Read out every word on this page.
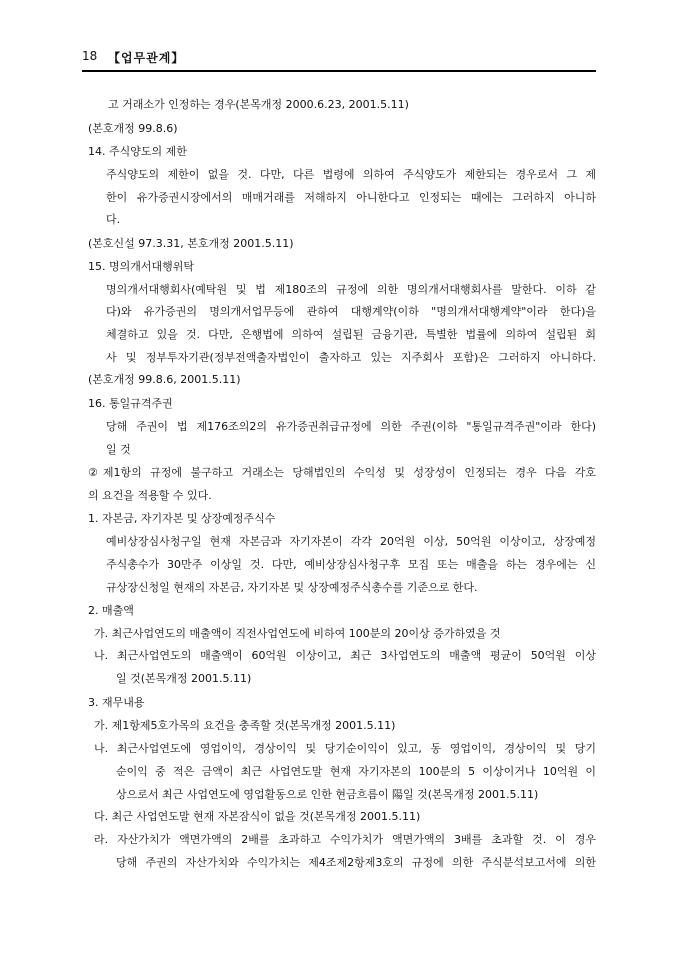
18 【업무관계】
고 거래소가 인정하는 경우(본목개정 2000.6.23, 2001.5.11)
(본호개정 99.8.6)
14. 주식양도의 제한
주식양도의 제한이 없을 것. 다만, 다른 법령에 의하여 주식양도가 제한되는 경우로서 그 제
한이 유가증권시장에서의 매매거래를 저해하지 아니한다고 인정되는 때에는 그러하지 아니하
다.
(본호신설 97.3.31, 본호개정 2001.5.11)
15. 명의개서대행위탁
명의개서대행회사(예탁원 및 법 제180조의 규정에 의한 명의개서대행회사를 말한다. 이하 같
다)와 유가증권의 명의개서업무등에 관하여 대행계약(이하 "명의개서대행계약"이라 한다)을
체결하고 있을 것. 다만, 은행법에 의하여 설립된 금융기관, 특별한 법률에 의하여 설립된 회
사 및 정부투자기관(정부전액출자법인이 출자하고 있는 지주회사 포함)은 그러하지 아니하다.
(본호개정 99.8.6, 2001.5.11)
16. 통일규격주권
당해 주권이 법 제176조의2의 유가증권취급규정에 의한 주권(이하 "통일규격주권"이라 한다)
일 것
②제1항의 규정에 불구하고 거래소는 당해법인의 수익성 및 성장성이 인정되는 경우 다음 각호
의 요건을 적용할 수 있다.
1. 자본금, 자기자본 및 상장예정주식수
예비상장심사청구일 현재 자본금과 자기자본이 각각 20억원 이상, 50억원 이상이고, 상장예정
주식총수가 30만주 이상일 것. 다만, 예비상장심사청구후 모집 또는 매출을 하는 경우에는 신
규상장신청일 현재의 자본금, 자기자본 및 상장예정주식총수를 기준으로 한다.
2. 매출액
가. 최근사업연도의 매출액이 직전사업연도에 비하여 100분의 20이상 증가하였을 것
나. 최근사업연도의 매출액이 60억원 이상이고, 최근 3사업연도의 매출액 평균이 50억원 이상
일 것(본목개정 2001.5.11)
3. 재무내용
가. 제1항제5호가목의 요건을 충족할 것(본목개정 2001.5.11)
나. 최근사업연도에 영업이익, 경상이익 및 당기순이익이 있고, 동 영업이익, 경상이익 및 당기
순이익 중 적은 금액이 최근 사업연도말 현재 자기자본의 100분의 5 이상이거나 10억원 이
상으로서 최근 사업연도에 영업활동으로 인한 현금흐름이 陽일 것(본목개정 2001.5.11)
다. 최근 사업연도말 현재 자본잠식이 없을 것(본목개정 2001.5.11)
라. 자산가치가 액면가액의 2배를 초과하고 수익가치가 액면가액의 3배를 초과할 것. 이 경우
당해 주권의 자산가치와 수익가치는 제4조제2항제3호의 규정에 의한 주식분석보고서에 의한
